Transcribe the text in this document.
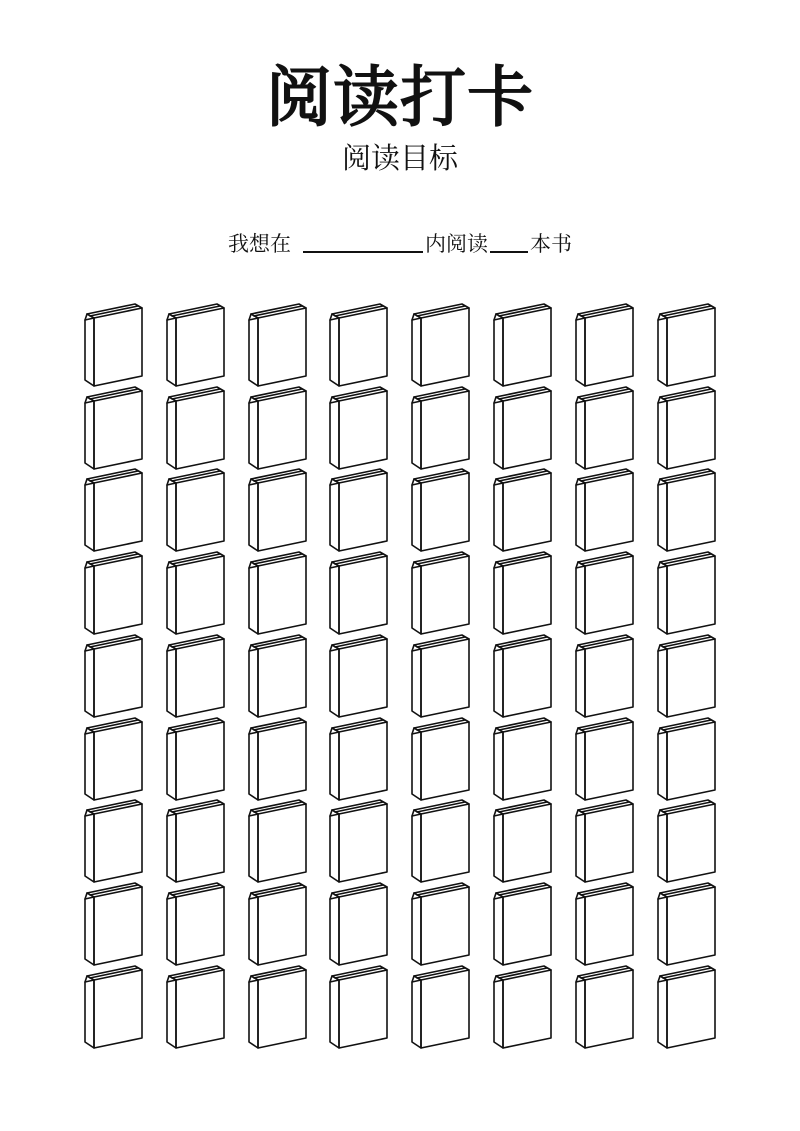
阅读打卡
阅读目标
我想在	内阅读 本书
